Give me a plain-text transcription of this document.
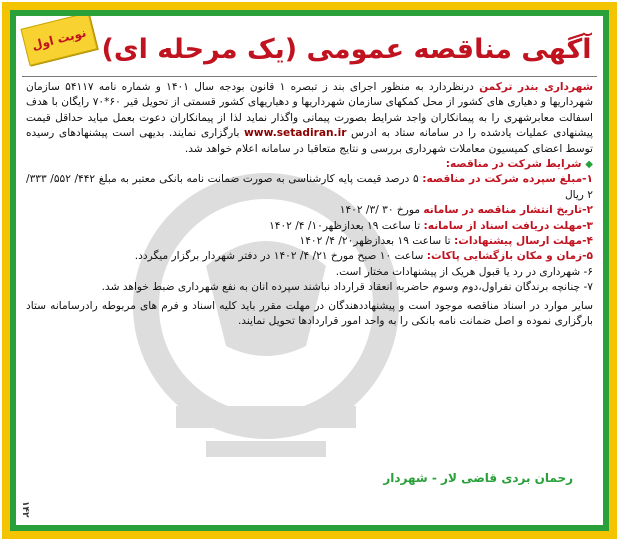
نوبت اول آگهی مناقصه عمومی (یک مرحله ای)

شهرداری بندر ترکمن درنظردارد به منظور اجرای بند ز تبصره ۱ قانون بودجه سال ۱۴۰۱ و شماره نامه ۵۴۱۱۷ سازمان شهرداریها و دهیاری های کشور از محل کمکهای سازمان شهرداریها و دهیاریهای کشور قسمتی از تحویل قیر ۶۰*۷۰ رایگان با هدف اسفالت معابرشهری را به پیمانکاران واجد شرایط بصورت پیمانی واگذار نماید لذا از پیمانکاران دعوت بعمل میاید حداقل قیمت پیشنهادی عملیات یادشده را در سامانه ستاد به ادرس www.setadiran.ir بارگزاری نمایند. بدیهی است پیشنهادهای رسیده توسط اعضای کمیسیون معاملات شهرداری بررسی و نتایج متعاقبا در سامانه اعلام خواهد شد.

◆ شرایط شرکت در مناقصه:

۱-مبلغ سپرده شرکت در مناقصه: ۵ درصد قیمت پایه کارشناسی به صورت ضمانت نامه بانکی معتبر به مبلغ ۴۴۲/ ۵۵۲/ ۳۳۳/ ۲ ریال

۲-تاریخ انتشار مناقصه در سامانه مورخ ۳۰ /۳/ ۱۴۰۲

۳-مهلت دریافت اسناد از سامانه: تا ساعت ۱۹ بعدازظهر۱۰/ ۴/ ۱۴۰۲

۴-مهلت ارسال پیشنهادات: تا ساعت ۱۹ بعدازظهر۲۰/ ۴/ ۱۴۰۲

۵-زمان و مکان بازگشایی پاکات: ساعت ۱۰ صبح مورخ ۲۱/ ۴/ ۱۴۰۲ در دفتر شهردار برگزار میگردد.

۶- شهرداری در رد یا قبول هریک از پیشنهادات مختار است.

۷- چنانچه برندگان نفراول،دوم وسوم حاضربه انعقاد قرارداد نباشند سپرده انان به نفع شهرداری ضبط خواهد شد.

سایر موارد در اسناد مناقصه موجود است و پیشنهاددهندگان در مهلت مقرر باید کلیه اسناد و فرم های مربوطه رادرسامانه ستاد بارگزاری نموده و اصل ضمانت نامه بانکی را به واحد امور قراردادها تحویل نمایند.

رحمان بردی قاضی لار - شهردار
۱۴۲
